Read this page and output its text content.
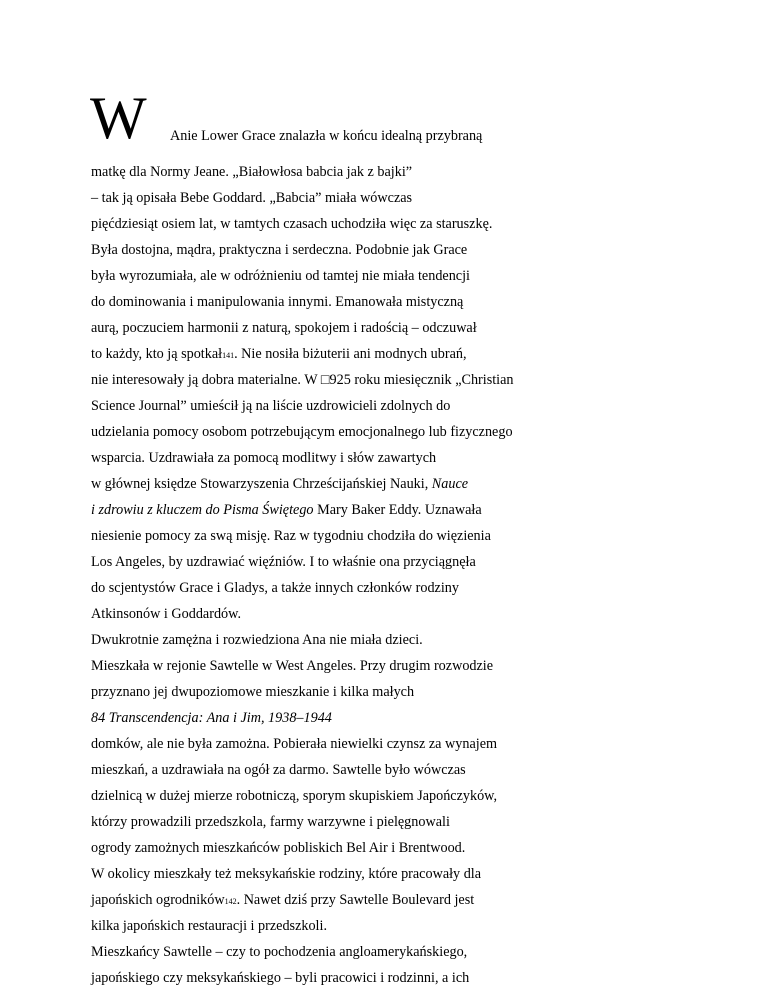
W Anie Lower Grace znalazła w końcu idealną przybraną
matkę dla Normy Jeane. „Białowłosa babcia jak z bajki”
– tak ją opisała Bebe Goddard. „Babcia” miała wówczas
pięćdziesiąt osiem lat, w tamtych czasach uchodziła więc za staruszkę.
Była dostojna, mądra, praktyczna i serdeczna. Podobnie jak Grace
była wyrozumiała, ale w odróżnieniu od tamtej nie miała tendencji
do dominowania i manipulowania innymi. Emanowała mistyczną
aurą, poczuciem harmonii z naturą, spokojem i radością – odczuwał
to każdy, kto ją spotkał141. Nie nosiła biżuterii ani modnych ubrań,
nie interesowały ją dobra materialne. W □925 roku miesięcznik „Christian
Science Journal” umieścił ją na liście uzdrowicieli zdolnych do
udzielania pomocy osobom potrzebującym emocjonalnego lub fizycznego
wsparcia. Uzdrawiała za pomocą modlitwy i słów zawartych
w głównej księdze Stowarzyszenia Chrześcijańskiej Nauki, Nauce
i zdrowiu z kluczem do Pisma Świętego Mary Baker Eddy. Uznawała
niesienie pomocy za swą misję. Raz w tygodniu chodziła do więzienia
Los Angeles, by uzdrawiać więźniów. I to właśnie ona przyciągnęła
do scjentystów Grace i Gladys, a także innych członków rodziny
Atkinsonów i Goddardów.
Dwukrotnie zamężna i rozwiedziona Ana nie miała dzieci.
Mieszkała w rejonie Sawtelle w West Angeles. Przy drugim rozwodzie
przyznano jej dwupoziomowe mieszkanie i kilka małych
84 Transcendencja: Ana i Jim, 1938–1944
domków, ale nie była zamożna. Pobierała niewielki czynsz za wynajem
mieszkań, a uzdrawiała na ogół za darmo. Sawtelle było wówczas
dzielnicą w dużej mierze robotniczą, sporym skupiskiem Japończyków,
którzy prowadzili przedszkola, farmy warzywne i pielęgnowali
ogrody zamożnych mieszkańców pobliskich Bel Air i Brentwood.
W okolicy mieszkały też meksykańskie rodziny, które pracowały dla
japońskich ogrodników142. Nawet dziś przy Sawtelle Boulevard jest
kilka japońskich restauracji i przedszkoli.
Mieszkańcy Sawtelle – czy to pochodzenia angloamerykańskiego,
japońskiego czy meksykańskiego – byli pracowici i rodzinni, a ich
